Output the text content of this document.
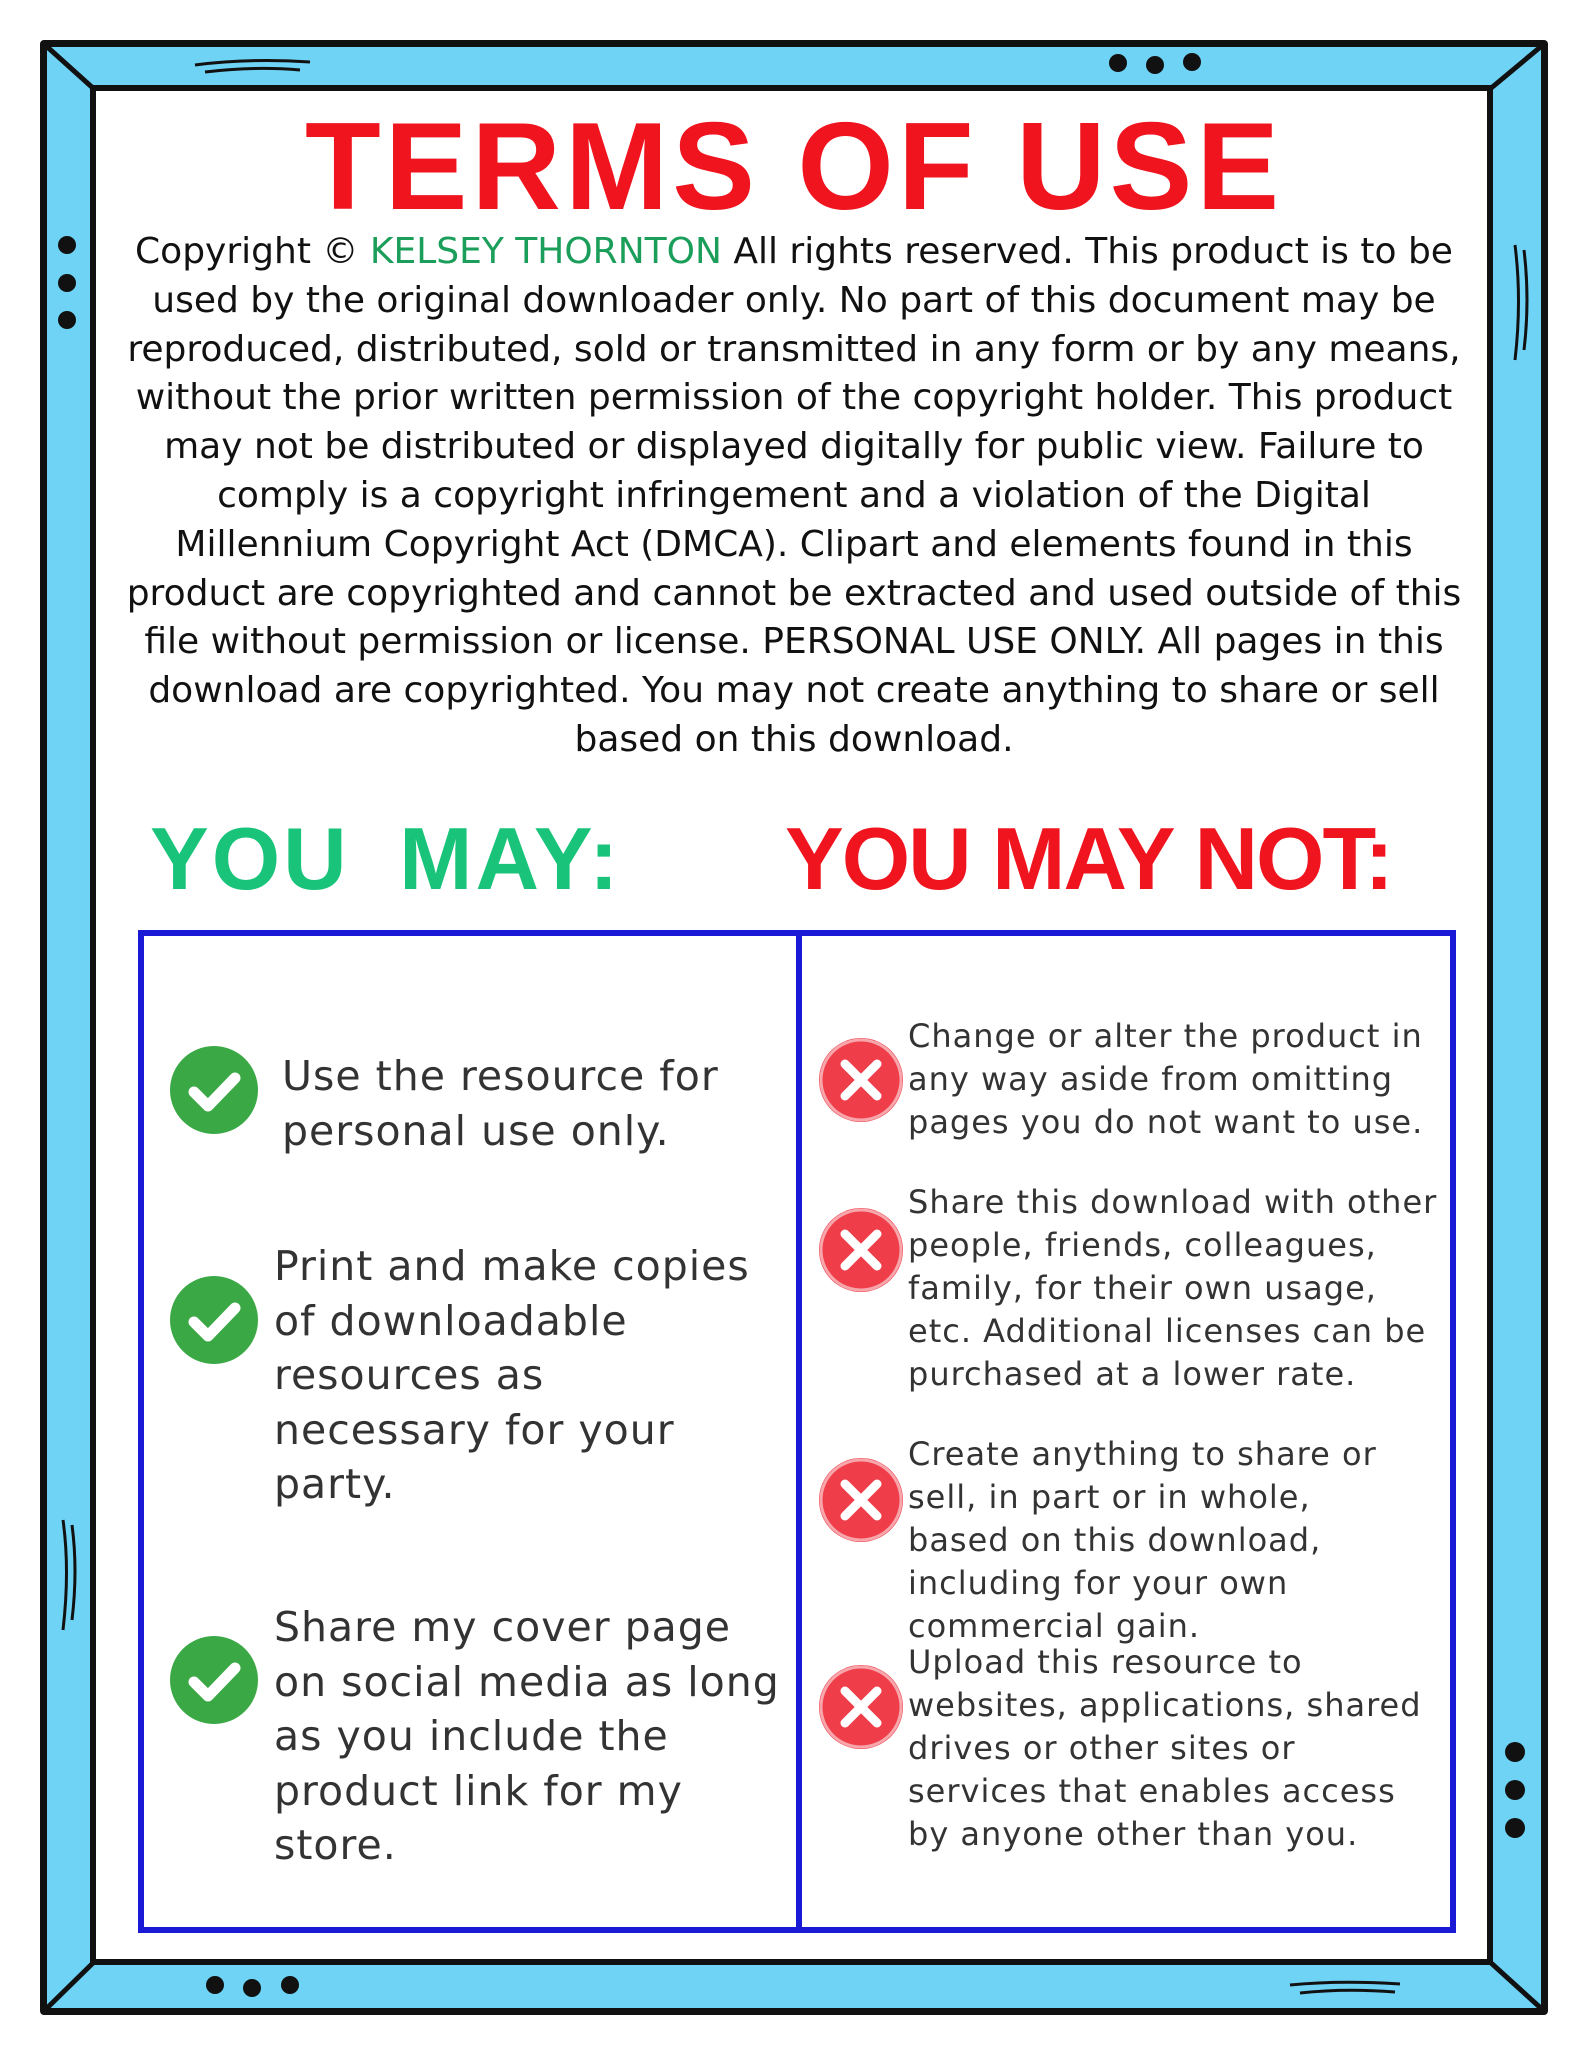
TERMS OF USE

Copyright © KELSEY THORNTON All rights reserved. This product is to be used by the original downloader only. No part of this document may be reproduced, distributed, sold or transmitted in any form or by any means, without the prior written permission of the copyright holder. This product may not be distributed or displayed digitally for public view. Failure to comply is a copyright infringement and a violation of the Digital Millennium Copyright Act (DMCA). Clipart and elements found in this product are copyrighted and cannot be extracted and used outside of this file without permission or license. PERSONAL USE ONLY. All pages in this download are copyrighted. You may not create anything to share or sell based on this download.

YOU MAY: YOU MAY NOT:

Use the resource for personal use only.

Print and make copies of downloadable resources as necessary for your party.

Share my cover page on social media as long as you include the product link for my store.

Change or alter the product in any way aside from omitting pages you do not want to use.

Share this download with other people, friends, colleagues, family, for their own usage, etc. Additional licenses can be purchased at a lower rate.

Create anything to share or sell, in part or in whole, based on this download, including for your own commercial gain.

Upload this resource to websites, applications, shared drives or other sites or services that enables access by anyone other than you.
